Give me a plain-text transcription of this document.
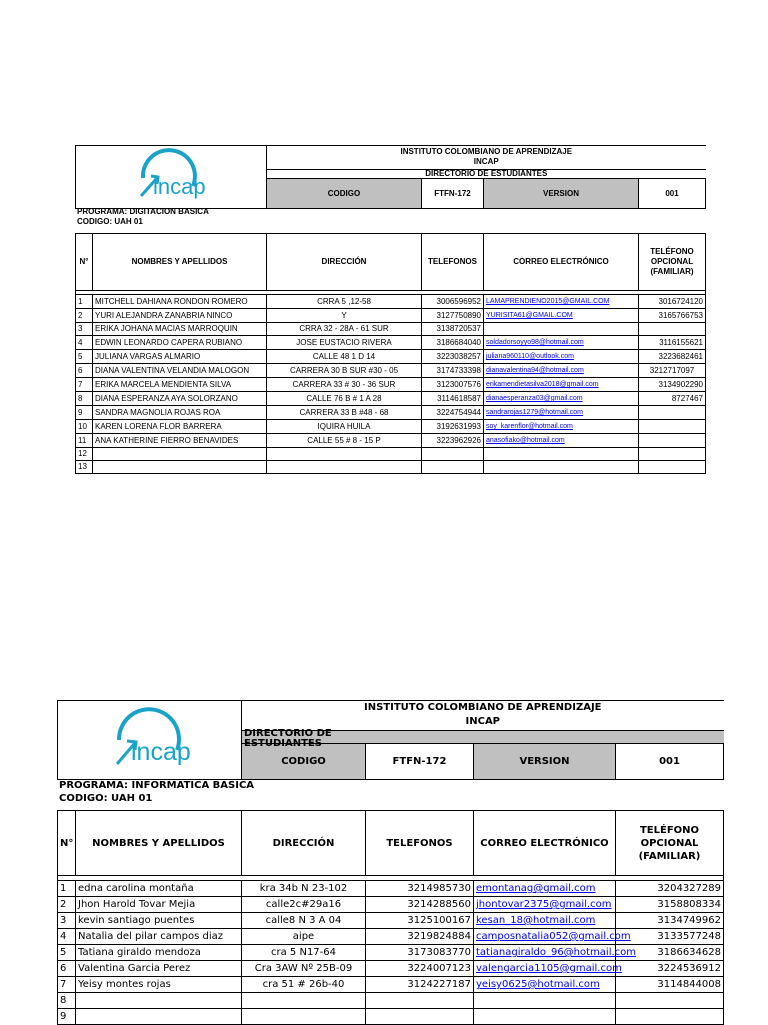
incap	INSTITUTO COLOMBIANO DE APRENDIZAJE
INCAP			

	DIRECTORIO DE ESTUDIANTES			
	CODIGO	FTFN-172	VERSION	001
PROGRAMA: DIGITACION BASICA
CODIGO: UAH 01
N°	NOMBRES Y APELLIDOS	DIRECCIÓN	TELEFONOS	CORREO ELECTRÓNICO	TELÉFONO
OPCIONAL
(FAMILIAR)

1	MITCHELL DAHIANA RONDON ROMERO	CRRA 5 ,12-58	3006596952	LAMAPRENDIENO2015@GMAIL.COM	3016724120
2	YURI ALEJANDRA ZANABRIA NINCO	Y	3127750890	YURISITA61@GMAIL.COM	3165766753
3	ERIKA JOHANA MACIAS MARROQUIN	CRRA 32 - 28A - 61 SUR	3138720537		
4	EDWIN LEONARDO CAPERA RUBIANO	JOSE EUSTACIO RIVERA	3186684040	soldadorsoyyo98@hotmail.com	3116155621
5	JULIANA VARGAS ALMARIO	CALLE 48 1 D 14	3223038257	juliana960110@outlook.com	3223682461
6	DIANA VALENTINA VELANDIA MALOGON	CARRERA 30 B SUR #30 - 05	3174733398	dianavalentina94@hotmail.com	3212717097
7	ERIKA MARCELA MENDIENTA SILVA	CARRERA 33 # 30 - 36 SUR	3123007576	erikamendietasilva2018@gmail.com	3134902290
8	DIANA ESPERANZA AYA SOLORZANO	CALLE 76 B # 1 A 28	3114618587	dianaesperanza03@gmail.com	8727467
9	SANDRA MAGNOLIA ROJAS ROA	CARRERA 33 B #48 - 68	3224754944	sandrarojas1279@hotmail.com	
10	KAREN LORENA FLOR BARRERA	IQUIRA HUILA	3192631993	soy_karenflor@hotmail.com	
11	ANA KATHERINE FIERRO BENAVIDES	CALLE 55 # 8 - 15 P	3223962926	anasofiako@hotmail.com	
12					
13					
incap	INSTITUTO COLOMBIANO DE APRENDIZAJE
INCAP			

	DIRECTORIO DE ESTUDIANTES			

	CODIGO	FTFN-172	VERSION	001
PROGRAMA: INFORMATICA BASICA
CODIGO: UAH 01
N°	NOMBRES Y APELLIDOS	DIRECCIÓN	TELEFONOS	CORREO ELECTRÓNICO	TELÉFONO
OPCIONAL
(FAMILIAR)

1	edna carolina montaña	kra 34b N 23-102	3214985730	emontanag@gmail.com	3204327289
2	Jhon Harold Tovar Mejia	calle2c#29a16	3214288560	jhontovar2375@gmail.com	3158808334
3	kevin santiago puentes	calle8 N 3 A 04	3125100167	kesan_18@hotmail.com	3134749962
4	Natalia del pilar campos diaz	aipe	3219824884	camposnatalia052@gmail.com	3133577248
5	Tatiana giraldo mendoza	cra 5 N17-64	3173083770	tatianagiraldo_96@hotmail.com	3186634628
6	Valentina Garcia Perez	Cra 3AW Nº 25B-09	3224007123	valengarcia1105@gmail.com	3224536912
7	Yeisy montes rojas	cra 51 # 26b-40	3124227187	yeisy0625@hotmail.com	3114844008
8					
9					
